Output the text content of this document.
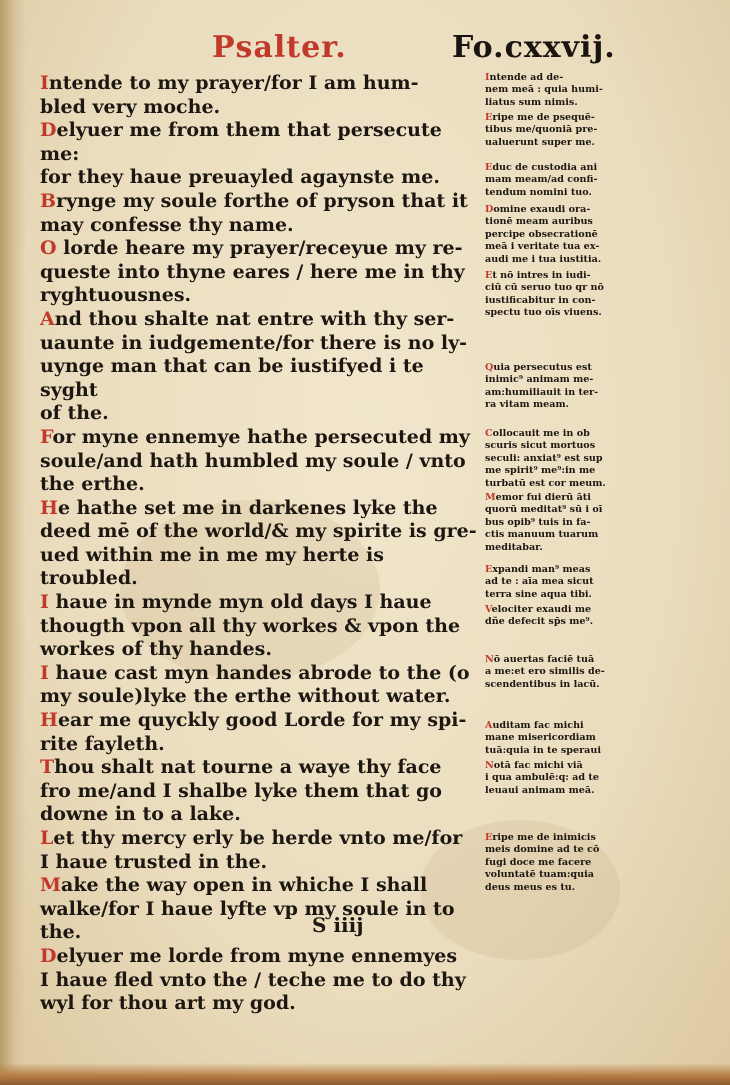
Psalter.	Fo.cxxvij.

Intende to my prayer/for I am hum-
bled very moche.

Delyuer me from them that persecute me:
for they haue preuayled agaynste me.

Brynge my soule forthe of pryson that it
may confesse thy name.

O lorde heare my prayer/receyue my re-
queste into thyne eares / here me in thy
ryghtuousnes.

And thou shalte nat entre with thy ser-
uaunte in iudgemente/for there is no ly-
uynge man that can be iustifyed i te syght
of the.

For myne ennemye hathe persecuted my
soule/and hath humbled my soule / vnto
the erthe.

He hathe set me in darkenes lyke the
deed mē of the world/& my spirite is gre-
ued within me in me my herte is troubled.

I haue in mynde myn old days I haue
thougth vpon all thy workes & vpon the
workes of thy handes.

I haue cast myn handes abrode to the (o
my soule)lyke the erthe without water.

Hear me quyckly good Lorde for my spi-
rite fayleth.

Thou shalt nat tourne a waye thy face
fro me/and I shalbe lyke them that go
downe in to a lake.

Let thy mercy erly be herde vnto me/for
I haue trusted in the.

Make the way open in whiche I shall
walke/for I haue lyfte vp my soule in to
the.

Delyuer me lorde from myne ennemyes
I haue fled vnto the / teche me to do thy
wyl for thou art my god.

S iiij
Intende ad de-
nem meā : quia humi-
liatus sum nimis.
Eripe me de psequē-
tibus me/quoniā pre-
ualuerunt super me.
Educ de custodia ani
mam meam/ad confi-
tendum nomini tuo.
Domine exaudi ora-
tionē meam auribus
percipe obsecrationē
meā i veritate tua ex-
audi me i tua iustitia.
Et nō intres in iudi-
ciū cū seruo tuo qr nō
iustificabitur in con-
spectu tuo oīs viuens.
Quia persecutus est
inimic⁹ animam me-
am:humiliauit in ter-
ra vitam meam.
Collocauit me in ob
scuris sicut mortuos
seculi: anxiat⁹ est sup
me spirit⁹ me⁹:in me
turbatū est cor meum.
Memor fui dierū āti
quorū meditat⁹ sū i oī
bus opib⁹ tuis in fa-
ctis manuum tuarum
meditabar.
Expandi man⁹ meas
ad te : aīa mea sicut
terra sine aqua tibi.
Velociter exaudi me
dñe defecit sp̄s me⁹.
Nō auertas faciē tuā
a me:et ero similis de-
scendentibus in lacū.
Auditam fac michi
mane misericordiam
tuā:quia in te speraui
Notā fac michi viā
i qua ambulē:q: ad te
leuaui animam meā.
Eripe me de inimicis
meis domine ad te cō
fugi doce me facere
voluntatē tuam:quia
deus meus es tu.
